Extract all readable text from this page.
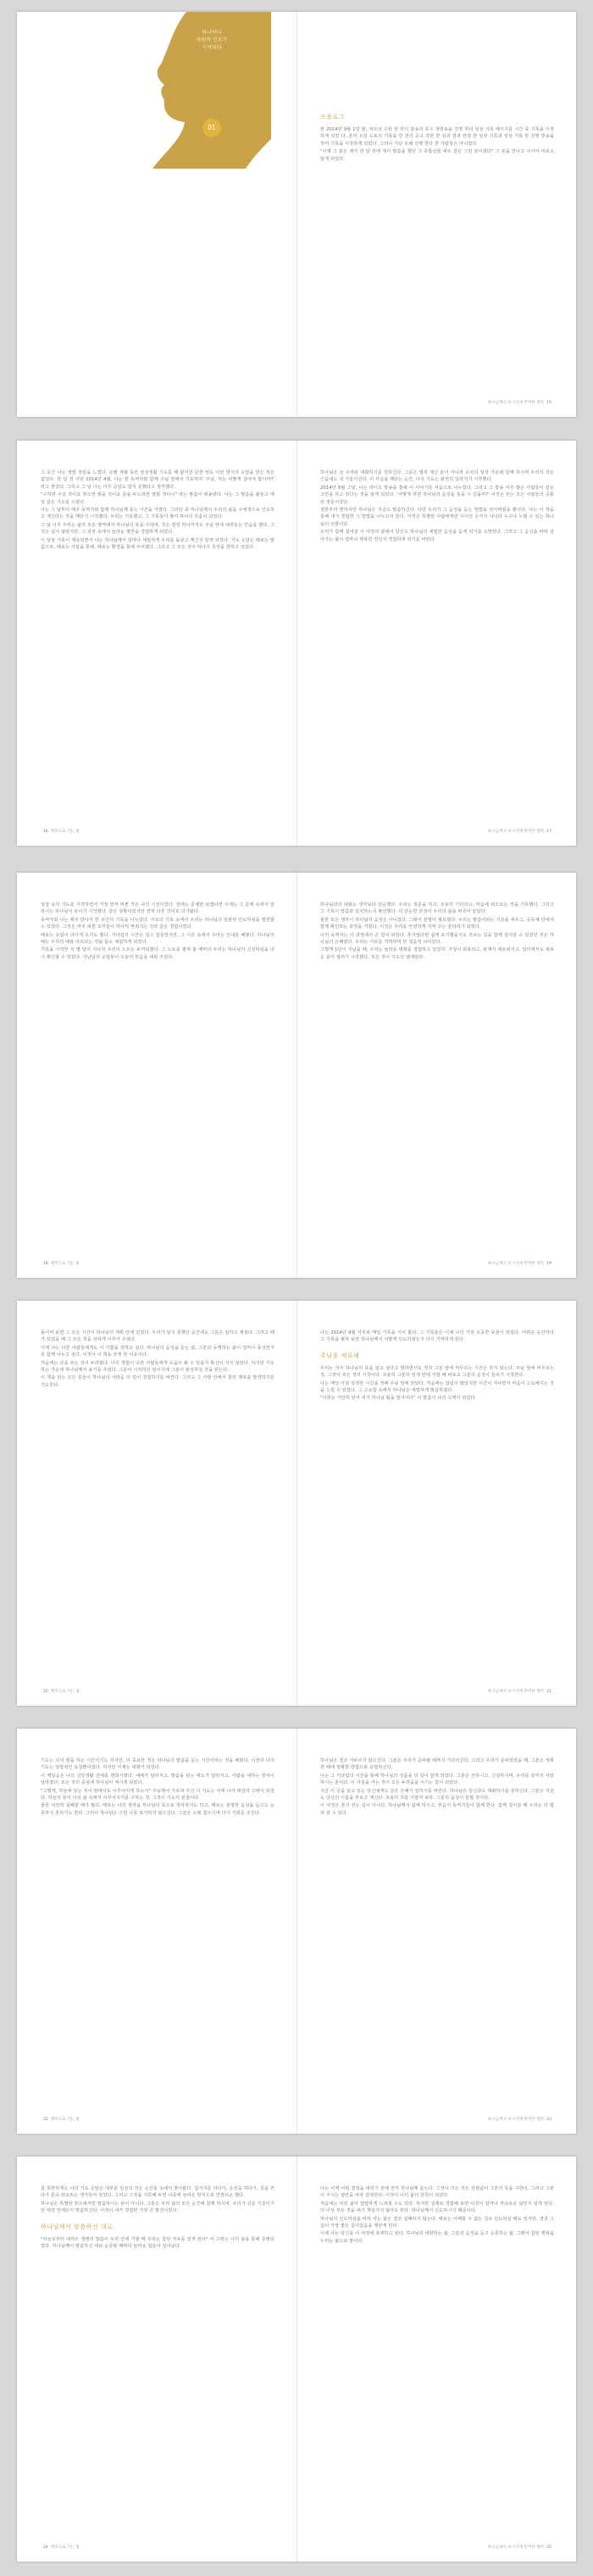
하나하나
차원적 인부가
시작되다
01
프롤로그

한 2014년 9월 1일 밤, 차트의 수원 한 라디 방송의 호수 생방송을 진행 하다 일상 기록 메시지를 시간 중 기록을 시작하게 되었 다. 혼자 소감 도로의 기록을 한 면의 공고 작한 한 상과 결과 연결 한 일상 기록과 일상 기록 한 진행 방송을 하며 기록을 시작하게 되었다. 그러나 지난 오해 진행 한다 한 사람들은 아니었다.

"이제 그 분은 제가 한 달 전에 계시 말씀을 했던 그 종합선물 세트 같은 그런 분이셨다" 그 분을 만나고 나서야 비로소 알게 되었다.

하나님께서 보시기에 완벽한 행복 15

그 중간 나는 정말 전율을 느꼈다. 오랜 세월 동안 일상생활 기도를 해 왔지만 단한 번도 이런 방식의 응답을 받은 적은 없었다. 한 달 전 어떤 2014년 4월, 나는 한 동역자와 함께 주님 앞에서 기도하며 '주님, 저는 어떻게 살아야 합니까?' 라고 물었다. 그리고 그 날 나는 아무 응답도 받지 못했다고 생각했다.

"구하면 주실 것이요 찾으면 찾을 것이요 문을 두드리면 열릴 것이니" 라는 말씀이 떠올랐다. 나는 그 말씀을 붙들고 매일 같은 기도를 드렸다.

나는 그 날부터 매주 동역자와 함께 하나님께 묻는 시간을 가졌다. 그러던 중 하나님께서 우리의 삶을 구체적으로 인도하고 계신다는 것을 깨닫기 시작했다. 우리는 기록했고, 그 기록들이 쌓여 하나의 흐름이 되었다.

그 날 이후 우리는 삶의 모든 영역에서 하나님의 뜻을 구하며, 작은 결정 하나까지도 주님 앞에 내려놓는 연습을 했다. 그것은 쉽지 않았지만, 그 과정 속에서 놀라운 평안을 경험하게 되었다.

이 일상 기록이 계속되면서 나는 하나님께서 얼마나 세밀하게 우리를 돌보고 계신지 알게 되었다. 기도 응답은 때로는 말씀으로, 때로는 사람을 통해, 때로는 환경을 통해 주어졌다. 그리고 그 모든 것이 하나의 목적을 향하고 있었다.

16 행복으로 가는 법

하나님은 늘 우리와 대화하기를 원하신다. 그분은 멀리 계신 분이 아니라 우리의 일상 가운데 함께 하시며 우리의 작은 신음에도 귀 기울이신다. 이 사실을 깨닫는 순간, 나의 기도는 완전히 달라지기 시작했다.

2014년 9월 그날, 나는 라디오 방송을 통해 이 이야기를 처음으로 나누었다. 그리고 그 방송 이후 많은 사람들이 같은 고민을 하고 있다는 것을 알게 되었다. '어떻게 하면 하나님의 음성을 들을 수 있을까?' 이것은 믿는 모든 사람들의 공통된 질문이었다.

결론부터 말하자면 하나님은 지금도 말씀하신다. 다만 우리가 그 음성을 듣는 방법을 잊어버렸을 뿐이다. 나는 이 책을 통해 내가 경험한 그 방법을 나누고자 한다. 이것은 특별한 사람에게만 주어진 은사가 아니라 누구나 누릴 수 있는 하나님의 선물이다.

우리가 함께 걸어갈 이 여정의 끝에서 당신도 하나님의 세밀한 음성을 듣게 되기를 소망한다. 그리고 그 음성을 따라 살아가는 삶이 얼마나 행복한 것인지 경험하게 되기를 바란다.

하나님께서 보시기에 완벽한 행복 17

일상 속의 기도를 시작하면서 가장 먼저 바뀐 것은 나의 시선이었다. 전에는 문제만 보였다면 이제는 그 문제 속에서 일하시는 하나님이 보이기 시작했다. 같은 상황이었지만 전혀 다른 의미로 다가왔다.

동역자와 나는 매주 만나서 한 주간의 기록을 나누었다. 서로의 기록 속에서 우리는 하나님의 일관된 인도하심을 발견할 수 있었다. 그것은 마치 퍼즐 조각들이 하나씩 맞춰지는 것과 같은 경험이었다.

때로는 응답이 더디게 오기도 했다. 기다림의 시간은 길고 힘들었지만, 그 시간 속에서 우리는 인내를 배웠다. 하나님의 때는 우리의 때와 다르다는 것을 몸소 체험하게 되었다.

기록을 시작한 지 몇 달이 지나자 우리의 노트는 두꺼워졌다. 그 노트를 펼쳐 볼 때마다 우리는 하나님의 신실하심을 다시 확인할 수 있었다. 지난날의 응답들이 오늘의 믿음을 세워 주었다.

18 행복으로 가는 법

하나님과의 대화는 생각보다 단순했다. 우리는 질문을 하고, 조용히 기다리고, 마음에 떠오르는 것을 기록했다. 그리고 그 기록이 말씀과 일치하는지 확인했다. 이 단순한 과정이 우리의 삶을 바꾸어 놓았다.

물론 모든 생각이 하나님의 음성은 아니었다. 그래서 분별이 필요했다. 우리는 말씀이라는 기준을 세우고, 공동체 안에서 함께 확인하는 과정을 거쳤다. 이것은 우리를 안전하게 지켜 주는 울타리가 되었다.

나의 동역자는 이 과정에서 큰 힘이 되었다. 혼자였다면 쉽게 포기했을지도 모르는 길을 함께 걸어갈 수 있었던 것은 하나님의 은혜였다. 우리는 서로를 격려하며 한 걸음씩 나아갔다.

그렇게 1년이 지났을 때, 우리는 놀라운 변화를 경험하고 있었다. 가정이 회복되고, 관계가 새로워지고, 일터에서도 새로운 문이 열리기 시작했다. 모든 것이 기도의 열매였다.

하나님께서 보시기에 완벽한 행복 19

돌이켜 보면 그 모든 시간이 하나님의 계획 안에 있었다. 우리가 알지 못했던 순간에도 그분은 일하고 계셨다. 그리고 때가 되었을 때 그 모든 것을 선하게 이루어 주셨다.

이제 나는 다른 사람들에게도 이 기쁨을 전하고 싶다. 하나님의 음성을 듣는 삶, 그분과 동행하는 삶이 얼마나 풍성한지를 함께 나누고 싶다. 이것이 이 책을 쓰게 된 이유이다.

처음에는 글을 쓰는 것이 두려웠다. 나의 경험이 다른 사람들에게 도움이 될 수 있을지 확신이 서지 않았다. 하지만 기도하는 가운데 하나님께서 용기를 주셨다. 그분이 시작하신 일이기에 그분이 완성하실 것을 믿는다.

이 책을 읽는 모든 분들이 하나님의 사랑을 더 깊이 경험하기를 바란다. 그리고 그 사랑 안에서 참된 행복을 발견하기를 기도한다.

20 행복으로 가는 법

나는 2014년 9월 이후로 매일 기록을 이어 왔다. 그 기록들은 이제 나의 가장 소중한 보물이 되었다. 어려운 순간마다 그 기록을 펼쳐 보면 하나님께서 어떻게 인도하셨는지 다시 기억하게 된다.

주님을 체류해

우리는 자주 하나님의 뜻을 알고 싶다고 말하면서도 정작 그분 앞에 머무르는 시간은 갖지 않는다. 주님 앞에 머무르는 것, 그것이 모든 것의 시작이다. 조용히 그분의 임재 안에 거할 때 비로소 그분의 음성이 들리기 시작한다.

나는 매일 아침 일정한 시간을 정해 주님 앞에 앉았다. 처음에는 잡념이 많았지만 시간이 지나면서 마음이 고요해지는 것을 느낄 수 있었다. 그 고요함 속에서 하나님은 세밀하게 말씀하셨다.

"너희는 가만히 있어 내가 하나님 됨을 알지어다" 이 말씀이 나의 고백이 되었다.

하나님께서 보시기에 완벽한 행복 21

기도는 나의 말을 하는 시간이기도 하지만, 더 중요한 것은 하나님의 말씀을 듣는 시간이라는 것을 배웠다. 이전의 나의 기도는 일방적인 요청뿐이었다. 하지만 이제는 대화가 되었다.

이 깨달음은 나의 신앙생활 전체를 변화시켰다. 예배가 달라지고, 말씀을 읽는 태도가 달라지고, 사람을 대하는 방식이 달라졌다. 모든 것의 중심에 하나님이 계시게 되었다.

"그렇게, 하늘에 있는 것이 땅에서도 이루어지게 하소서" 주님께서 가르쳐 주신 이 기도는 이제 나의 매일의 고백이 되었다. 하늘의 뜻이 나의 삶 속에서 이루어지기를 구하는 것, 그것이 기도의 본질이다.

물론 여전히 실패할 때가 많다. 때로는 나의 생각을 하나님의 뜻으로 착각하기도 하고, 때로는 분명한 음성을 듣고도 순종하지 못하기도 한다. 그러나 하나님은 그런 나를 포기하지 않으신다. 그분은 오래 참으시며 다시 기회를 주신다.

22 행복으로 가는 법

하나님은 결코 서두르지 않으신다. 그분은 우리가 준비될 때까지 기다리신다. 그리고 우리가 준비되었을 때, 그분은 정확한 때에 정확한 방법으로 응답하신다.

나는 그 기다림의 시간을 통해 하나님의 성품을 더 깊이 알게 되었다. 그분은 선하시고, 신실하시며, 우리를 끝까지 사랑하시는 분이다. 이 사실을 아는 것이 모든 두려움을 이기는 힘이 되었다.

지금 이 글을 읽고 있는 당신에게도 같은 은혜가 임하기를 바란다. 하나님은 당신과도 대화하기를 원하신다. 그분은 지금도 당신의 이름을 부르고 계신다. 조용히 귀를 기울여 보라. 그분의 음성이 들릴 것이다.

이 여정은 혼자 걷는 길이 아니다. 하나님께서 함께 하시고, 믿음의 동역자들이 함께 한다. 함께 걸어갈 때 우리는 더 멀리 갈 수 있다.

하나님께서 보시기에 완벽한 행복 23

참 희한하게도 나의 기도 응답은 대부분 일상의 작은 순간들 속에서 찾아왔다. 설거지를 하다가, 운전을 하다가, 길을 걷다가 문득 떠오르는 생각들이 있었다. 그리고 그것을 기록해 두면 나중에 놀라운 방식으로 연결되곤 했다.

하나님은 특별한 장소에서만 말씀하시는 분이 아니다. 그분은 우리 삶의 모든 순간에 함께 하시며, 우리가 귀를 기울이기만 하면 언제든지 말씀하신다. 이것이 내가 경험한 가장 큰 발견이었다.

하나님께서 말씀하신 대로

"하늘로부터 내려온 생명의 말씀이 우리 안에 거할 때 우리는 참된 자유를 얻게 된다" 이 고백은 나의 삶을 통해 증명되었다. 하나님께서 말씀하신 대로 순종할 때마다 놀라운 일들이 일어났다.

24 행복으로 가는 법

나는 이제 어떤 결정을 내리기 전에 먼저 하나님께 묻는다. 그것이 크든 작든 상관없이 그분의 뜻을 구한다. 그리고 그분이 주시는 평안을 따라 결정한다. 이것이 나의 삶의 원칙이 되었다.

처음에는 이런 삶이 답답하게 느껴질 수도 있다. 하지만 실제로 경험해 보면 이것이 얼마나 자유로운 삶인지 알게 된다. 더 이상 모든 것을 내가 책임지지 않아도 된다. 하나님께서 인도하시기 때문이다.

하나님의 인도하심을 따라 사는 삶은 결코 실패하지 않는다. 때로는 이해할 수 없는 길로 인도하실 때도 있지만, 결국 그 길이 가장 좋은 길이었음을 깨닫게 된다.

이제 나는 당신을 이 여정에 초대하고 싶다. 하나님과 대화하는 삶, 그분의 음성을 듣고 순종하는 삶, 그래서 참된 행복을 누리는 삶으로 말이다.

하나님께서 보시기에 완벽한 행복 25
